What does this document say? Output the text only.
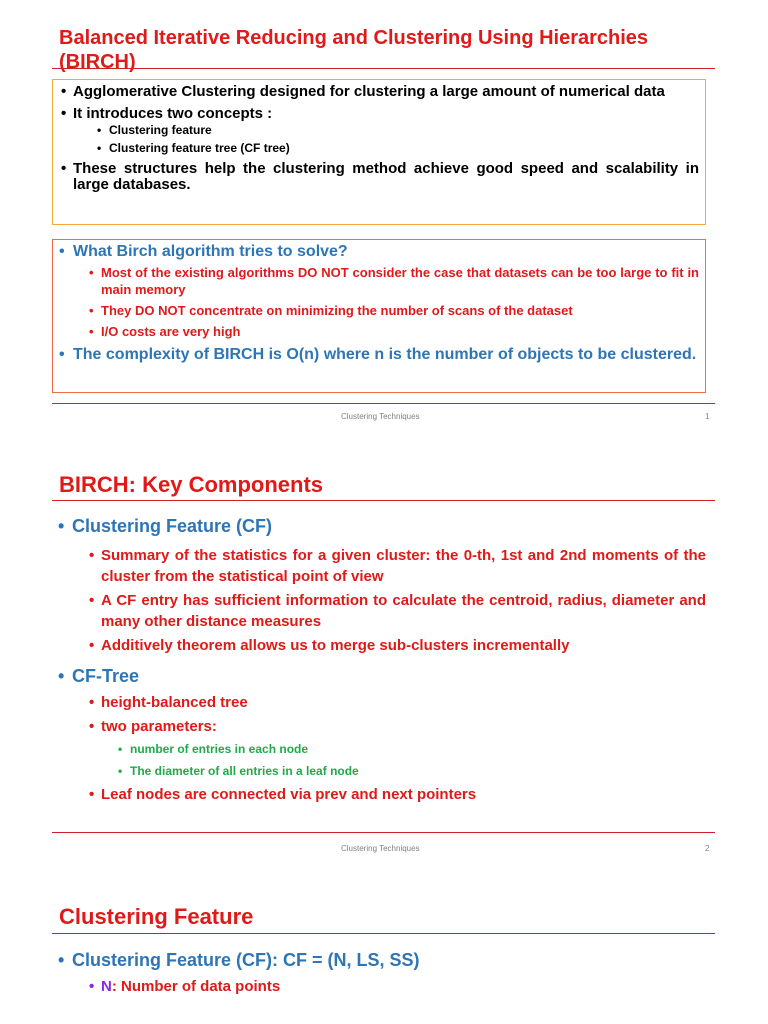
Balanced Iterative Reducing and Clustering Using Hierarchies (BIRCH)
• Agglomerative Clustering designed for clustering a large amount of numerical data
• It introduces two concepts :
• Clustering feature
• Clustering feature tree (CF tree)
• These structures help the clustering method achieve good speed and scalability in large databases.
• What Birch algorithm tries to solve?
• Most of the existing algorithms DO NOT consider the case that datasets can be too large to fit in main memory
• They DO NOT concentrate on minimizing the number of scans of the dataset
• I/O costs are very high
• The complexity of BIRCH is O(n) where n is the number of objects to be clustered.
Clustering Techniques	1
BIRCH: Key Components
• Clustering Feature (CF)
• Summary of the statistics for a given cluster: the 0-th, 1st and 2nd moments of the cluster from the statistical point of view
• A CF entry has sufficient information to calculate the centroid, radius, diameter and many other distance measures
• Additively theorem allows us to merge sub-clusters incrementally
• CF-Tree
• height-balanced tree
• two parameters:
• number of entries in each node
• The diameter of all entries in a leaf node
• Leaf nodes are connected via prev and next pointers
Clustering Techniques	2
Clustering Feature
• Clustering Feature (CF): CF = (N, LS, SS)
• N: Number of data points
